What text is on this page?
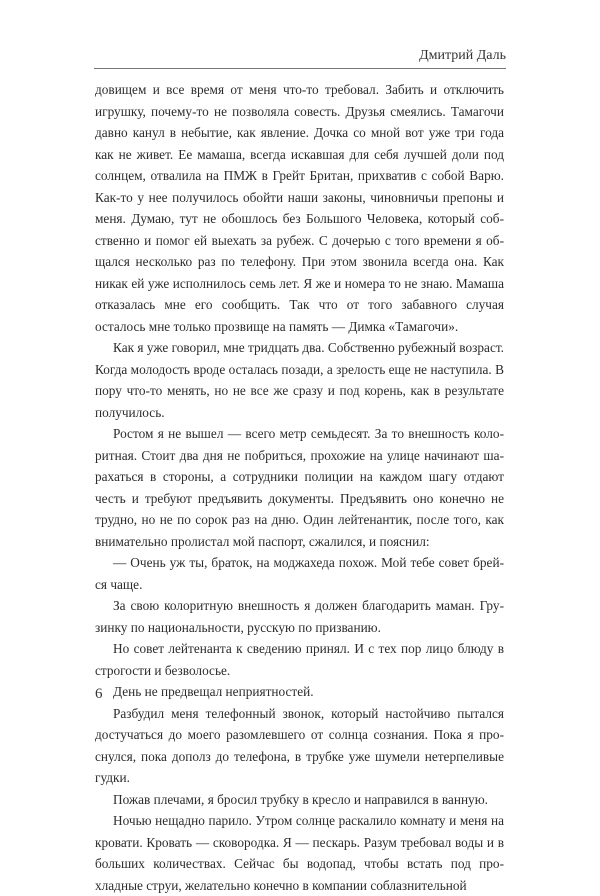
Дмитрий Даль

довищем и все время от меня что-то требовал. Забить и отключить игрушку, почему-то не позволяла совесть. Друзья смеялись. Тамагочи давно канул в небытие, как явление. Дочка со мной вот уже три года как не живет. Ее мамаша, всегда искавшая для себя лучшей доли под солнцем, отвалила на ПМЖ в Грейт Британ, прихватив с собой Варю. Как-то у нее получилось обойти наши законы, чиновничьи препоны и меня. Думаю, тут не обошлось без Большого Человека, который собственно и помог ей выехать за рубеж. С дочерью с того времени я общался несколько раз по телефону. При этом звонила всегда она. Как никак ей уже исполнилось семь лет. Я же и номера то не знаю. Мамаша отказалась мне его сообщить. Так что от того забавного случая осталось мне только прозвище на память — Димка «Тамагочи».

Как я уже говорил, мне тридцать два. Собственно рубежный возраст. Когда молодость вроде осталась позади, а зрелость еще не наступила. В пору что-то менять, но не все же сразу и под корень, как в результате получилось.

Ростом я не вышел — всего метр семьдесят. За то внешность колоритная. Стоит два дня не побриться, прохожие на улице начинают шарахаться в стороны, а сотрудники полиции на каждом шагу отдают честь и требуют предъявить документы. Предъявить оно конечно не трудно, но не по сорок раз на дню. Один лейтенантик, после того, как внимательно пролистал мой паспорт, сжалился, и пояснил:

— Очень уж ты, браток, на моджахеда похож. Мой тебе совет брейся чаще.

За свою колоритную внешность я должен благодарить маман. Грузинку по национальности, русскую по призванию.

Но совет лейтенанта к сведению принял. И с тех пор лицо блюду в строгости и безволосье.

День не предвещал неприятностей.

Разбудил меня телефонный звонок, который настойчиво пытался достучаться до моего разомлевшего от солнца сознания. Пока я проснулся, пока дополз до телефона, в трубке уже шумели нетерпеливые гудки.

Пожав плечами, я бросил трубку в кресло и направился в ванную.

Ночью нещадно парило. Утром солнце раскалило комнату и меня на кровати. Кровать — сковородка. Я — пескарь. Разум требовал воды и в больших количествах. Сейчас бы водопад, чтобы встать под прохладные струи, желательно конечно в компании соблазнительной

6
